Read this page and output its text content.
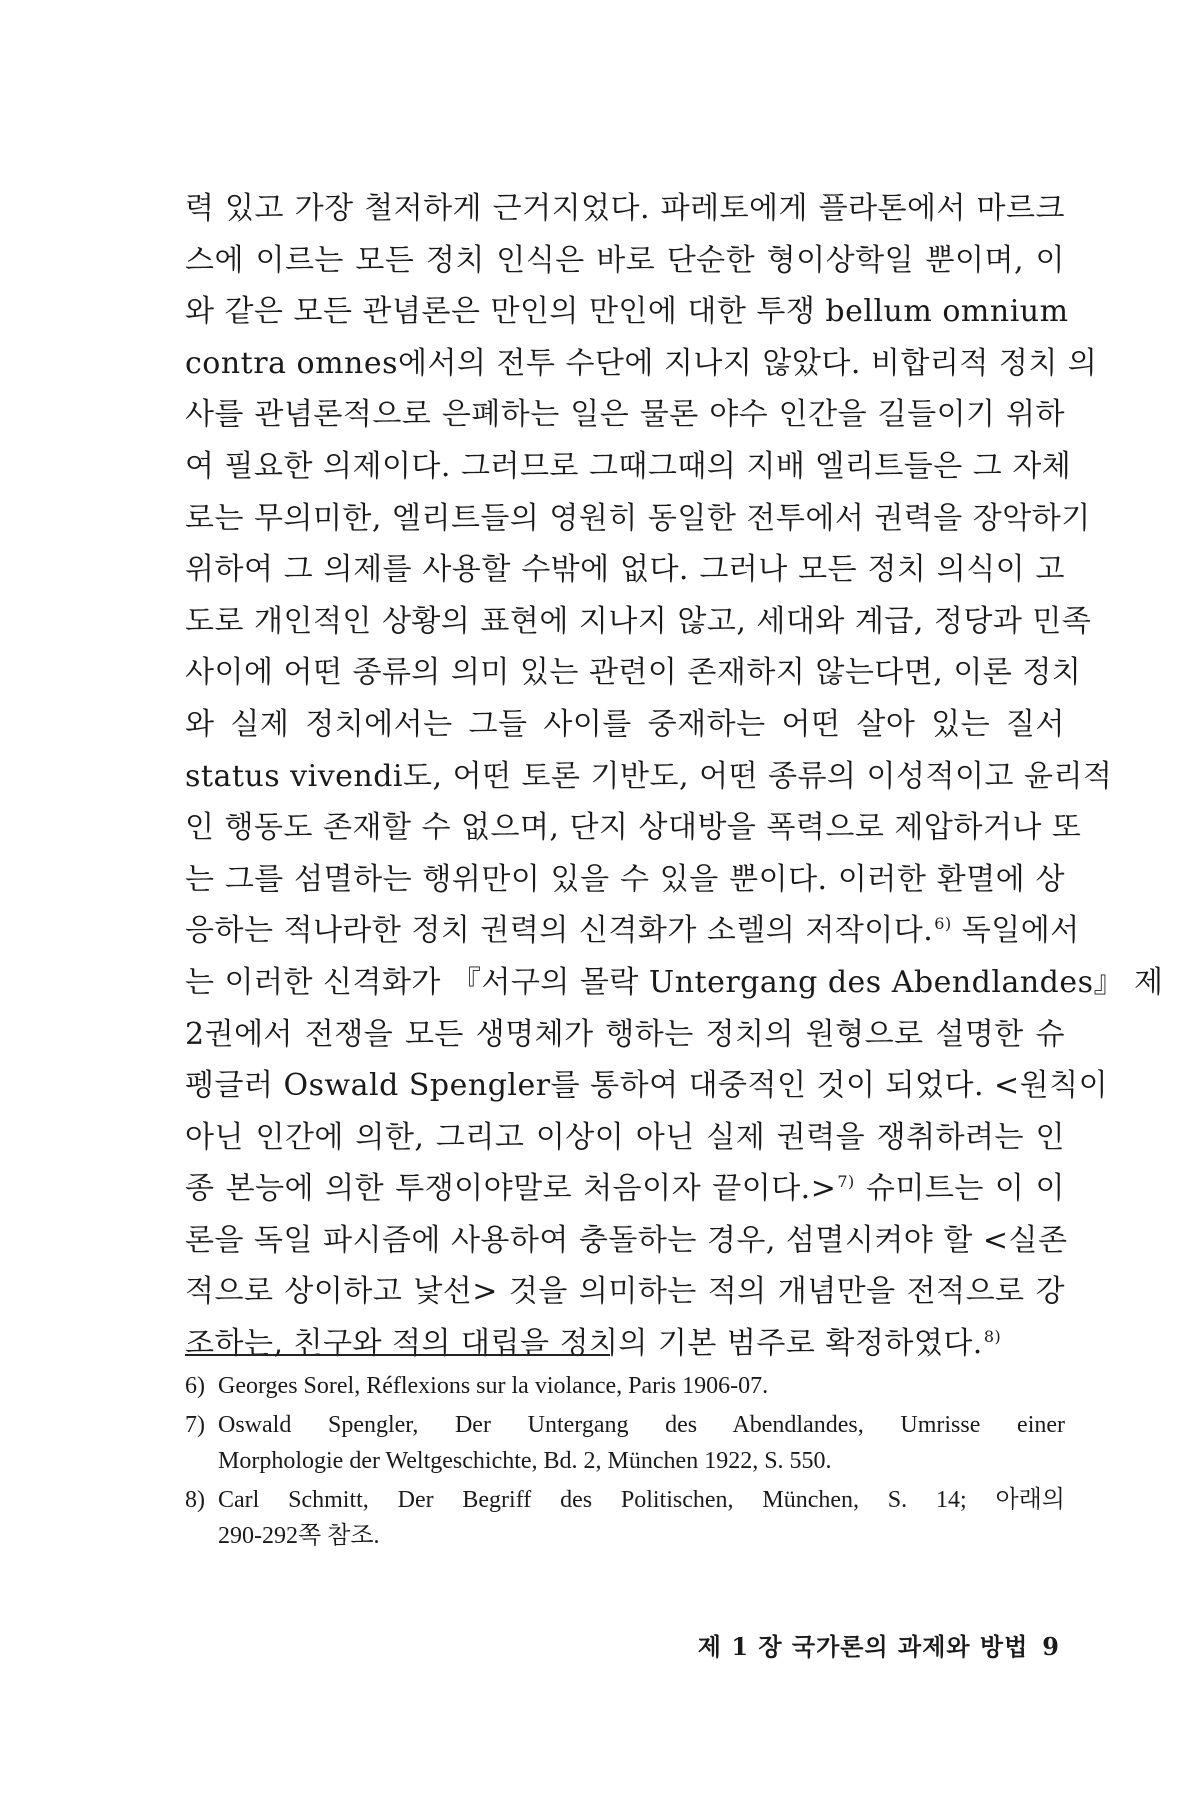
력 있고 가장 철저하게 근거지었다. 파레토에게 플라톤에서 마르크
스에 이르는 모든 정치 인식은 바로 단순한 형이상학일 뿐이며, 이
와 같은 모든 관념론은 만인의 만인에 대한 투쟁 bellum omnium
contra omnes에서의 전투 수단에 지나지 않았다. 비합리적 정치 의
사를 관념론적으로 은폐하는 일은 물론 야수 인간을 길들이기 위하
여 필요한 의제이다. 그러므로 그때그때의 지배 엘리트들은 그 자체
로는 무의미한, 엘리트들의 영원히 동일한 전투에서 권력을 장악하기
위하여 그 의제를 사용할 수밖에 없다. 그러나 모든 정치 의식이 고
도로 개인적인 상황의 표현에 지나지 않고, 세대와 계급, 정당과 민족
사이에 어떤 종류의 의미 있는 관련이 존재하지 않는다면, 이론 정치
와 실제 정치에서는 그들 사이를 중재하는 어떤 살아 있는 질서
status vivendi도, 어떤 토론 기반도, 어떤 종류의 이성적이고 윤리적
인 행동도 존재할 수 없으며, 단지 상대방을 폭력으로 제압하거나 또
는 그를 섬멸하는 행위만이 있을 수 있을 뿐이다. 이러한 환멸에 상
응하는 적나라한 정치 권력의 신격화가 소렐의 저작이다.$^{6)}$ 독일에서
는 이러한 신격화가 『서구의 몰락 Untergang des Abendlandes』 제
2권에서 전쟁을 모든 생명체가 행하는 정치의 원형으로 설명한 슈
펭글러 Oswald Spengler를 통하여 대중적인 것이 되었다. <원칙이
아닌 인간에 의한, 그리고 이상이 아닌 실제 권력을 쟁취하려는 인
종 본능에 의한 투쟁이야말로 처음이자 끝이다.>$^{7)}$ 슈미트는 이 이
론을 독일 파시즘에 사용하여 충돌하는 경우, 섬멸시켜야 할 <실존
적으로 상이하고 낯선> 것을 의미하는 적의 개념만을 전적으로 강
조하는, 친구와 적의 대립을 정치의 기본 범주로 확정하였다.$^{8)}$
6) Georges Sorel, Réflexions sur la violance, Paris 1906-07.
7) Oswald Spengler, Der Untergang des Abendlandes, Umrisse einer
Morphologie der Weltgeschichte, Bd. 2, München 1922, S. 550.
8) Carl Schmitt, Der Begriff des Politischen, München, S. 14; 아래의
290-292쪽 참조.
제 1 장 국가론의 과제와 방법 9
